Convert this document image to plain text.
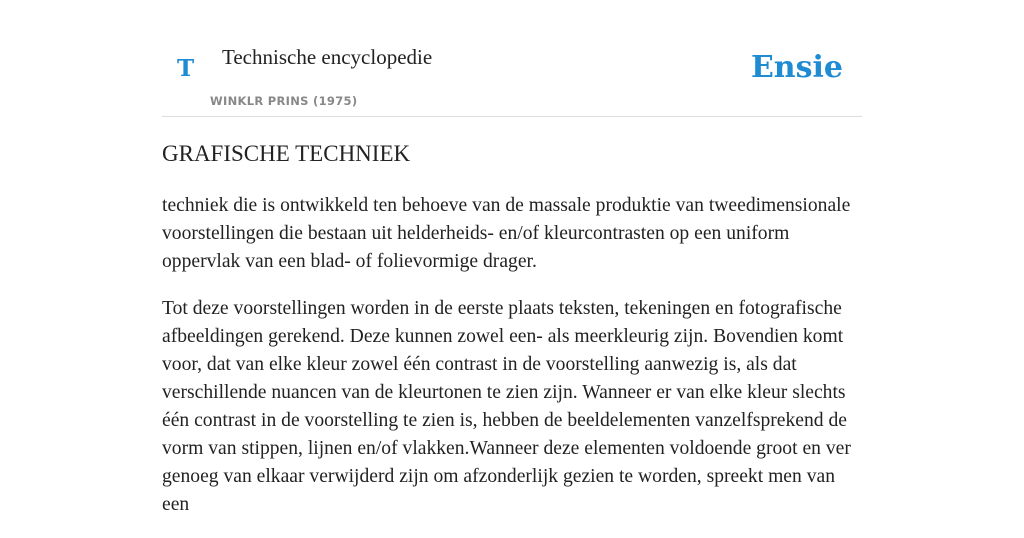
T Technische encyclopedie
WINKLR PRINS (1975)
Ensie
GRAFISCHE TECHNIEK

techniek die is ontwikkeld ten behoeve van de massale produktie van tweedimensionale voorstellingen die bestaan uit helderheids- en/of kleurcontrasten op een uniform oppervlak van een blad- of folievormige drager.

Tot deze voorstellingen worden in de eerste plaats teksten, tekeningen en fotografische afbeeldingen gerekend. Deze kunnen zowel een- als meerkleurig zijn. Bovendien komt voor, dat van elke kleur zowel één contrast in de voorstelling aanwezig is, als dat verschillende nuancen van de kleurtonen te zien zijn. Wanneer er van elke kleur slechts één contrast in de voorstelling te zien is, hebben de beeldelementen vanzelfsprekend de vorm van stippen, lijnen en/of vlakken.Wanneer deze elementen voldoende groot en ver genoeg van elkaar verwijderd zijn om afzonderlijk gezien te worden, spreekt men van een
